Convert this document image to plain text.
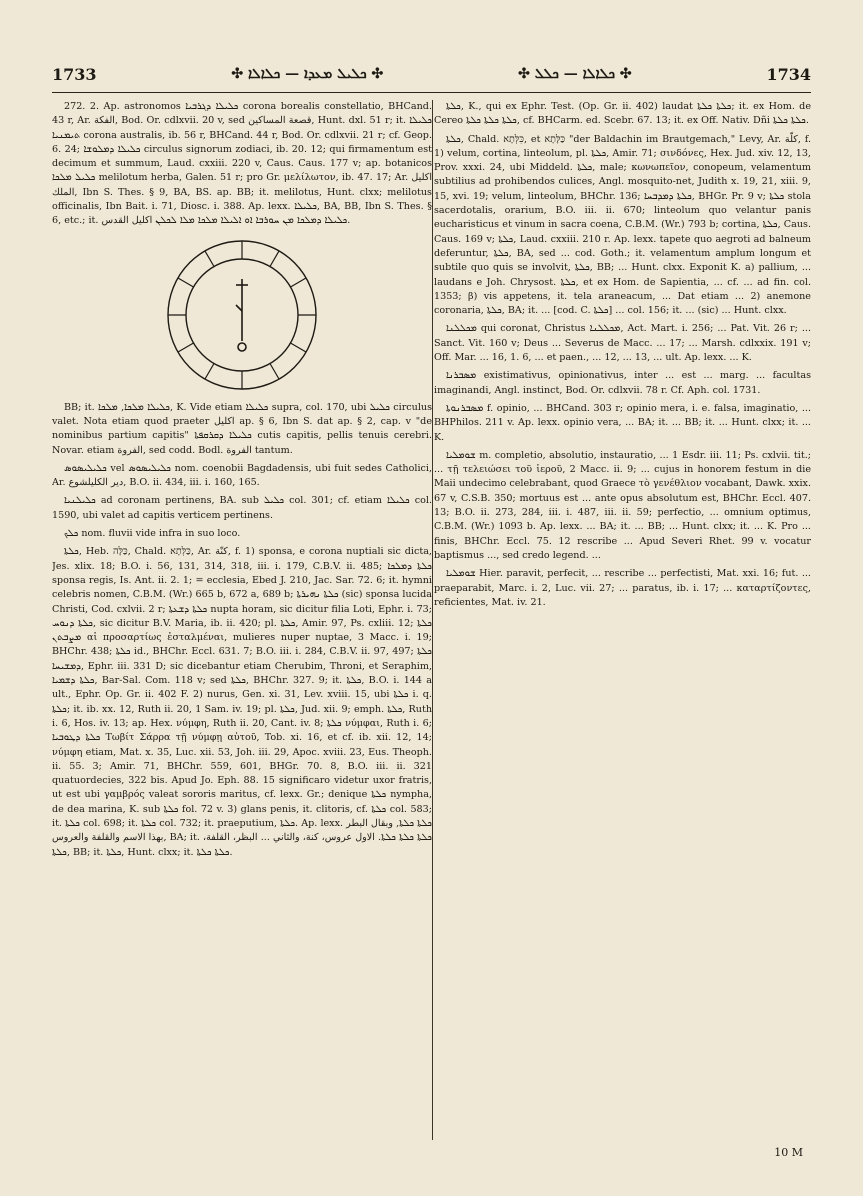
1733	✣ ܟܠܝܠ ܡܥܕܐ — ܟܠܐܠܐ ✣	✣ ܟܠܐܠܐ — ܟܠܠ ✣	1734

272. 2. Ap. astronomos ܟܠܝܠܐ ܕܓܪܒܝܐ corona borealis constellatio, BHCand. 43 r, Ar. الفكة, Bod. Or. cdlxvii. 20 v, sed قصعة المساكين, Hunt. dxl. 51 r; it. ܟܠܝܠܐ ܬܝܡܢܝܐ corona australis, ib. 56 r, BHCand. 44 r, Bod. Or. cdlxvii. 21 r; cf. Geop. 6. 24; ܟܠܝܠܐ ܕܡܠܘܫܐ circulus signorum zodiaci, ib. 20. 12; qui firmamentum est decimum et summum, Laud. cxxiii. 220 v, Caus. Caus. 177 v; ap. botanicos ܟܠܝܠ ܡܠܟܐ melilotum herba, Galen. 51 r; pro Gr. μελίλωτον, ib. 47. 17; Ar. اكليل الملك, Ibn S. Thes. § 9, BA, BS. ap. BB; it. melilotus, Hunt. clxx; melilotus officinalis, Ibn Bait. i. 71, Diosc. i. 388. Ap. lexx. ܟܠܝܠܐ, BA, BB, Ibn S. Thes. § 6, etc.; it. ܟܠܝܠܐ ܕܡܠܟܐ ܡܢ ܚܘܪܒܐ ܐܘ ܐܠܝܠܐ ܡܠܟܐ ܡܠܐ ܠܟܠܢ اكليل القدس.

BB; it. ܟܠܝܠܐ ܡܠܟܐ, ܡܠܟܐ, K. Vide etiam ܟܠܝܠܐ supra, col. 170, ubi ܟܠܝܠ circulus valet. Nota etiam quod praeter اكليل ap. § 6, Ibn S. dat ap. § 2, cap. v "de nominibus partium capitis" ܟܠܝܠܐ ܕܩܪܩܦܬܐ cutis capitis, pellis tenuis cerebri. Novar. etiam الفروة, sed codd. Bodl. الفروة tantum.

ܟܠܝܠܝܣܘܣ vel ܟܠܝܠܝܣܘܣ nom. coenobii Bagdadensis, ubi fuit sedes Catholici, Ar. دير الكليلشوع, B.O. ii. 434, iii. i. 160, 165.

ܟܠܝܠܢܝܐ ad coronam pertinens, BA. sub ܟܠܝܠ col. 301; cf. etiam ܟܠܝܠܐ col. 1590, ubi valet ad capitis verticem pertinens.

ܟܠܟ nom. fluvii vide infra in suo loco.

ܟܠܬܐ, Heb. כַּלָּה, Chald. כַּלְּתָא, Ar. كنّة, f. 1) sponsa, e corona nuptiali sic dicta, Jes. xlix. 18; B.O. i. 56, 131, 314, 318, iii. i. 179, C.B.V. ii. 485; ܟܠܬܐ ܕܡܠܟܐ sponsa regis, Is. Ant. ii. 2. 1; = ecclesia, Ebed J. 210, Jac. Sar. 72. 6; it. hymni celebris nomen, C.B.M. (Wr.) 665 b, 672 a, 689 b; ܟܠܬܐ ܢܗܝܪܬܐ (sic) sponsa lucida Christi, Cod. cxlvii. 2 r; ܟܠܬܐ ܕܫܥܬܐ nupta horam, sic dicitur filia Loti, Ephr. i. 73; ܟܠܬܐ ܕܢܘܚ, sic dicitur B.V. Maria, ib. ii. 420; pl. ܟܠܬܐ, Amir. 97, Ps. cxliii. 12; ܟܠܬܐ ܡܨܒܬܢ αἱ προσαρτίως ἐσταλμέναι, mulieres nuper nuptae, 3 Macc. i. 19; BHChr. 438; ܟܠܬܐ id., BHChr. Eccl. 631. 7; B.O. iii. i. 284, C.B.V. ii. 97, 497; ܟܠܬܐ ܕܡܫܝܚܐ, Ephr. iii. 331 D; sic dicebantur etiam Cherubim, Throni, et Seraphim, ܟܠܬܐ ܕܫܡܝܐ, Bar-Sal. Com. 118 v; sed ܟܠܬܐ, BHChr. 327. 9; it. ܟܠܬܐ, B.O. i. 144 a ult., Ephr. Op. Gr. ii. 402 F. 2) nurus, Gen. xi. 31, Lev. xviii. 15, ubi ܟܠܬܐ i. q. ܟܠܬܐ; it. ib. xx. 12, Ruth ii. 20, 1 Sam. iv. 19; pl. ܟܠܬܐ, Jud. xii. 9; emph. ܟܠܬܐ, Ruth i. 6, Hos. iv. 13; ap. Hex. νύμφη, Ruth ii. 20, Cant. iv. 8; ܟܠܬܐ νύμφαι, Ruth i. 6; ܟܠܬܐ ܕܛܘܒܝܐ Τωβίτ Σάρρα τῇ νύμφῃ αὐτοῦ, Tob. xi. 16, et cf. ib. xii. 12, 14; νύμφη etiam, Mat. x. 35, Luc. xii. 53, Joh. iii. 29, Apoc. xviii. 23, Eus. Theoph. ii. 55. 3; Amir. 71, BHChr. 559, 601, BHGr. 70. 8, B.O. iii. ii. 321 quatuordecies, 322 bis. Apud Jo. Eph. 88. 15 significaro videtur uxor fratris, ut est ubi γαμβρός valeat sororis maritus, cf. lexx. Gr.; denique ܟܠܬܐ nympha, de dea marina, K. sub ܟܠܬܐ fol. 72 v. 3) glans penis, it. clitoris, cf. ܟܠܬܐ col. 583; it. ܟܠܬܐ col. 698; it. ܟܠܬܐ col. 732; it. praeputium, ܟܠܬܐ. Ap. lexx. ܟܠܬܐ ܟܠܬܐ, وبقال البطر بهذا الاسم والقلفة والعروس, BA; it. ܟܠܬܐ ܟܠܬܐ ܟܠܬܐ. الاول عروس، كنة، والثاني ... البظر، القلفة، ܟܠܬܐ, BB; it. ܟܠܬܐ, Hunt. clxx; it. ܟܠܬܐ ܟܠܬܐ.

ܟܠܬܐ, K., qui ex Ephr. Test. (Op. Gr. ii. 402) laudat ܟܠܬܐ ܟܠܬܐ; it. ex Hom. de Cereo ܟܠܬܐ ܟܠܬܐ ܟܠܬܐ, cf. BHCarm. ed. Scebr. 67. 13; it. ex Off. Nativ. Dñi ܟܠܬܐ ܟܠܬܐ.

ܟܠܬܐ, Chald. כִּלְּתָא, et כַּלָּתָא "der Baldachin im Brautgemach," Levy, Ar. كلّة, f. 1) velum, cortina, linteolum, pl. ܟܠܬܐ, Amir. 71; σινδόνες, Hex. Jud. xiv. 12, 13, Prov. xxxi. 24, ubi Middeld. ܟܠܬܐ, male; κωνωπεῖον, conopeum, velamentum subtilius ad prohibendos culices, Angl. mosquito-net, Judith x. 19, 21, xiii. 9, 15, xvi. 19; velum, linteolum, BHChr. 136; ܟܠܬܐ ܕܡܕܒܚܐ, BHGr. Pr. 9 v; ܟܠܬܐ stola sacerdotalis, orarium, B.O. iii. ii. 670; linteolum quo velantur panis eucharisticus et vinum in sacra coena, C.B.M. (Wr.) 793 b; cortina, ܟܠܬܐ, Caus. Caus. 169 v; ܟܠܬܐ, Laud. cxxiii. 210 r. Ap. lexx. tapete quo aegroti ad balneum deferuntur, ܟܠܬܐ, BA, sed ... cod. Goth.; it. velamentum amplum longum et subtile quo quis se involvit, ܟܠܬܐ, BB; ... Hunt. clxx. Exponit K. a) pallium, ... laudans e Joh. Chrysost. ܟܠܬܐ, et ex Hom. de Sapientia, ... cf. ... ad fin. col. 1353; β) vis appetens, it. tela araneacum, ... Dat etiam ... 2) anemone coronaria, ܟܠܬܐ, BA; it. ... [cod. C. ܟܠܬܐ] ... col. 156; it. ... (sic) ... Hunt. clxx.

ܡܟܠܠܢܐ qui coronat, Christus ܡܟܠܠܢܐ, Act. Mart. i. 256; ... Pat. Vit. 26 r; ... Sanct. Vit. 160 v; Deus ... Severus de Macc. ... 17; ... Marsh. cdlxxix. 191 v; Off. Mar. ... 16, 1. 6, ... et paen., ... 12, ... 13, ... ult. Ap. lexx. ... K.

ܡܣܒܪܢܐ existimativus, opinionativus, inter ... est ... marg. ... facultas imaginandi, Angl. instinct, Bod. Or. cdlxvii. 78 r. Cf. Aph. col. 1731.

ܡܣܒܪܢܘܬܐ f. opinio, ... BHCand. 303 r; opinio mera, i. e. falsa, imaginatio, ... BHPhilos. 211 v. Ap. lexx. opinio vera, ... BA; it. ... BB; it. ... Hunt. clxx; it. ... K.

ܫܘܡܠܝܐ m. completio, absolutio, instauratio, ... 1 Esdr. iii. 11; Ps. cxlvii. tit.; ... τῇ τελειώσει τοῦ ἱεροῦ, 2 Macc. ii. 9; ... cujus in honorem festum in die Maii undecimo celebrabant, quod Graece τὸ γενέθλιον vocabant, Dawk. xxix. 67 v, C.S.B. 350; mortuus est ... ante opus absolutum est, BHChr. Eccl. 407. 13; B.O. ii. 273, 284, iii. i. 487, iii. ii. 59; perfectio, ... omnium optimus, C.B.M. (Wr.) 1093 b. Ap. lexx. ... BA; it. ... BB; ... Hunt. clxx; it. ... K. Pro ... finis, BHChr. Eccl. 75. 12 rescribe ... Apud Severi Rhet. 99 v. vocatur baptismus ..., sed credo legend. ...

ܫܘܡܠܝܐ Hier. paravit, perfecit, ... rescribe ... perfectisti, Mat. xxi. 16; fut. ... praeparabit, Marc. i. 2, Luc. vii. 27; ... paratus, ib. i. 17; ... καταρτίζοντες, reficientes, Mat. iv. 21.

10 M
